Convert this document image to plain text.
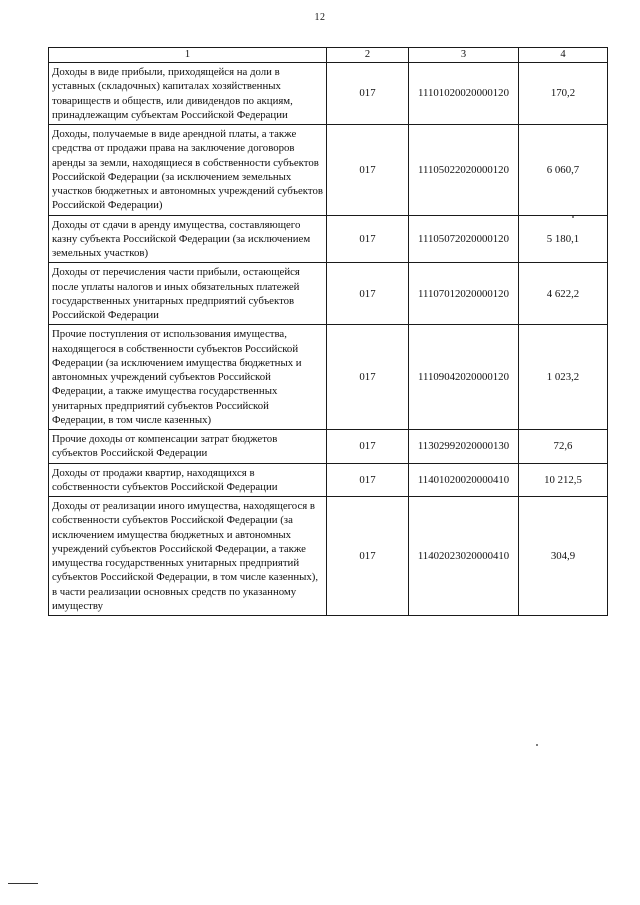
12
1	2	3	4
Доходы в виде прибыли, приходящейся на доли в уставных (складочных) капиталах хозяйственных товариществ и обществ, или дивидендов по акциям, принадлежащим субъектам Российской Федерации	017	11101020020000120	170,2
Доходы, получаемые в виде арендной платы, а также средства от продажи права на заключение договоров аренды за земли, находящиеся в собственности субъектов Российской Федерации (за исключением земельных участков бюджетных и автономных учреждений субъектов Российской Федерации)	017	11105022020000120	6 060,7
Доходы от сдачи в аренду имущества, составляющего казну субъекта Российской Федерации (за исключением земельных участков)	017	11105072020000120	5 180,1
Доходы от перечисления части прибыли, остающейся после уплаты налогов и иных обязательных платежей государственных унитарных предприятий субъектов Российской Федерации	017	11107012020000120	4 622,2
Прочие поступления от использования имущества, находящегося в собственности субъектов Российской Федерации (за исключением имущества бюджетных и автономных учреждений субъектов Российской Федерации, а также имущества государственных унитарных предприятий субъектов Российской Федерации, в том числе казенных)	017	11109042020000120	1 023,2
Прочие доходы от компенсации затрат бюджетов субъектов Российской Федерации	017	11302992020000130	72,6
Доходы от продажи квартир, находящихся в собственности субъектов Российской Федерации	017	11401020020000410	10 212,5
Доходы от реализации иного имущества, находящегося в собственности субъектов Российской Федерации (за исключением имущества бюджетных и автономных учреждений субъектов Российской Федерации, а также имущества государственных унитарных предприятий субъектов Российской Федерации, в том числе казенных), в части реализации основных средств по указанному имуществу	017	11402023020000410	304,9
